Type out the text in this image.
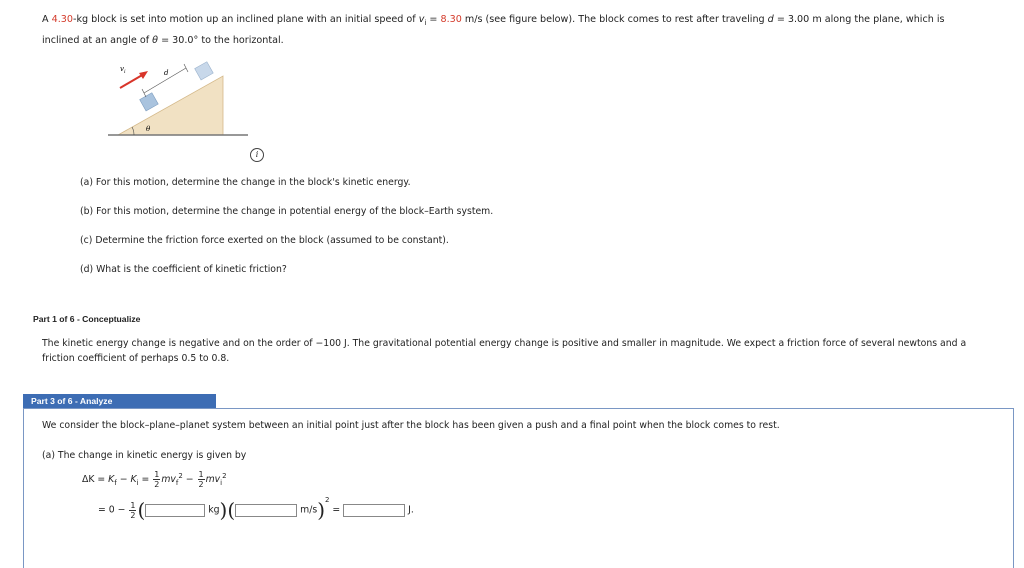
A 4.30-kg block is set into motion up an inclined plane with an initial speed of $v_i = 8.30$ m/s (see figure below). The block comes to rest after traveling d = 3.00 m along the plane, which is
inclined at an angle of θ = 30.0° to the horizontal.
θ
d
$v_i$
i
(a) For this motion, determine the change in the block's kinetic energy.
(b) For this motion, determine the change in potential energy of the block–Earth system.
(c) Determine the friction force exerted on the block (assumed to be constant).
(d) What is the coefficient of kinetic friction?
Part 1 of 6 - Conceptualize
The kinetic energy change is negative and on the order of −100 J. The gravitational potential energy change is positive and smaller in magnitude. We expect a friction force of several newtons and a friction coefficient of perhaps 0.5 to 0.8.
Part 3 of 6 - Analyze
We consider the block–plane–planet system between an initial point just after the block has been given a push and a final point when the block comes to rest.
(a) The change in kinetic energy is given by
$\Delta K = K_f - K_i = \frac{1}{2} mv_f^2 - \frac{1}{2} mv_i^2$
= $0 - \frac{1}{2}$ (	kg)(	m/s)$^2$ =	J.
